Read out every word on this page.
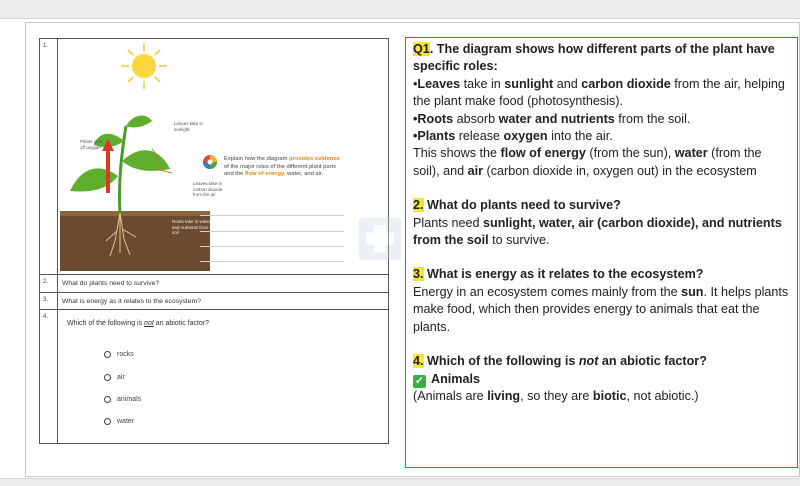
1.
Leaves take in sunlight
Plants give off oxygen
Leaves take in carbon dioxide from the air
Roots take in water and nutrients from the soil
Explain how the diagram provides evidence of the major roles of the different plant parts and the flow of energy, water, and air.
2. What do plants need to survive?
3. What is energy as it relates to the ecosystem?
4.
Which of the following is not an abiotic factor?
rocks
air
animals
water

Q1. The diagram shows how different parts of the plant have specific roles:

•Leaves take in sunlight and carbon dioxide from the air, helping the plant make food (photosynthesis).

•Roots absorb water and nutrients from the soil.

•Plants release oxygen into the air.

This shows the flow of energy (from the sun), water (from the soil), and air (carbon dioxide in, oxygen out) in the ecosystem

2. What do plants need to survive?

Plants need sunlight, water, air (carbon dioxide), and nutrients from the soil to survive.

3. What is energy as it relates to the ecosystem?

Energy in an ecosystem comes mainly from the sun. It helps plants make food, which then provides energy to animals that eat the plants.

4. Which of the following is not an abiotic factor?

✓ Animals

(Animals are living, so they are biotic, not abiotic.)
